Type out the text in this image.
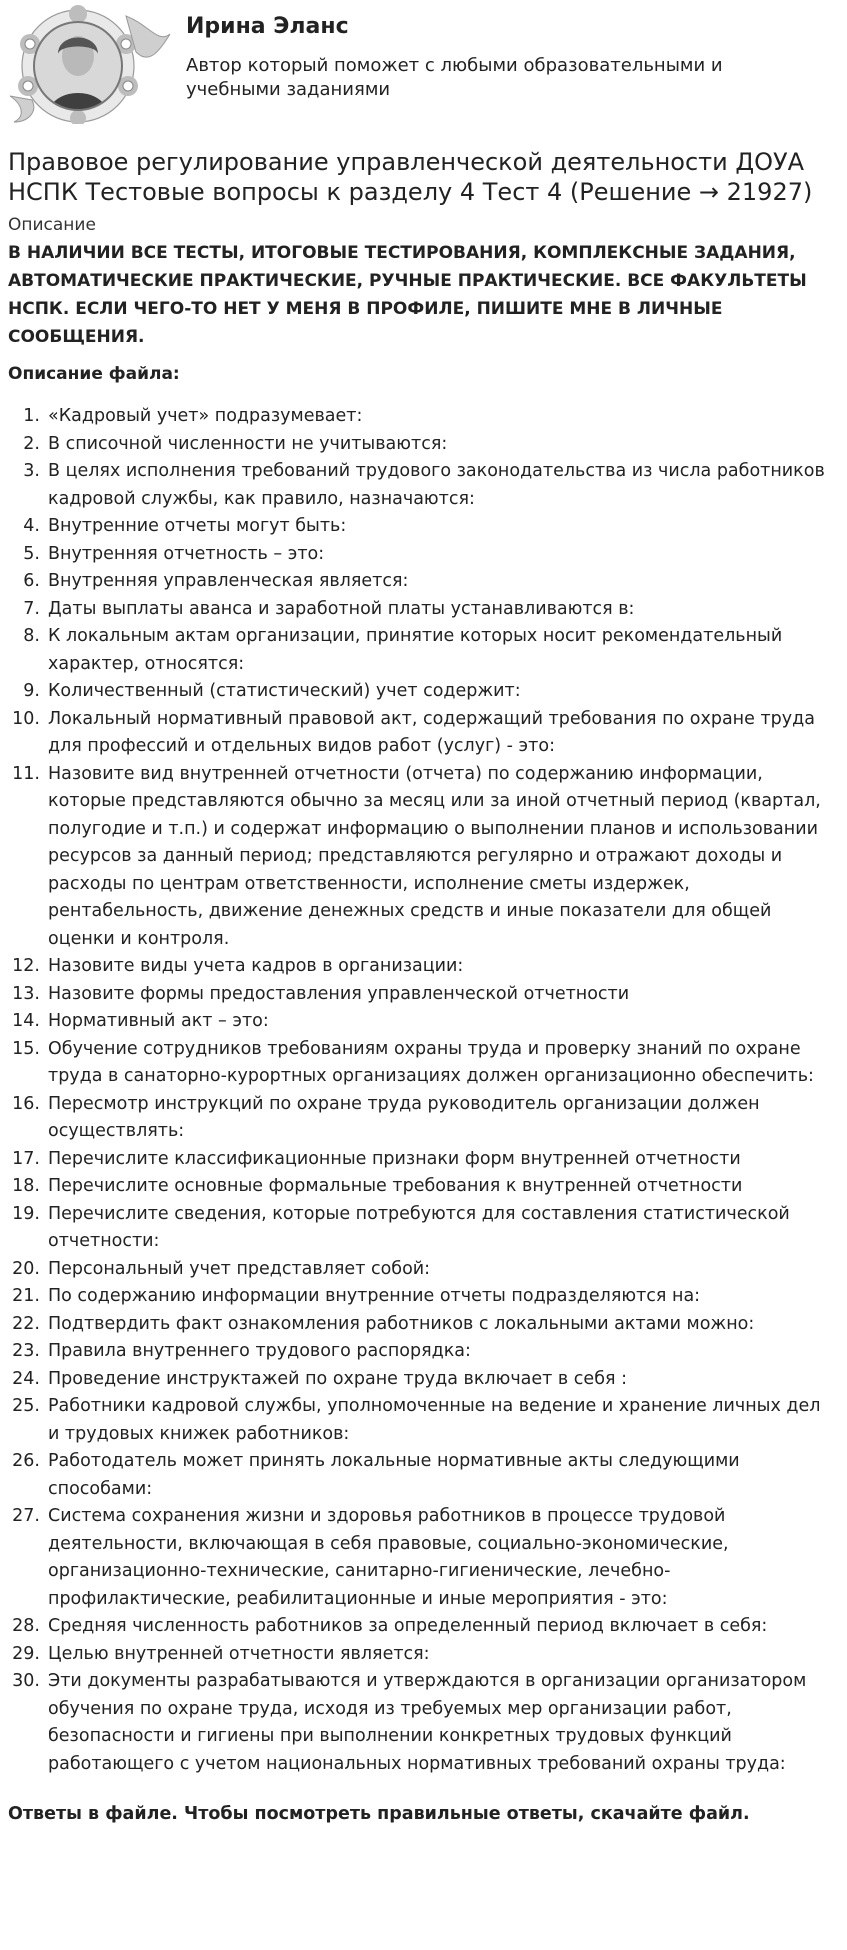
Ирина Эланс
Автор который поможет с любыми образовательными и учебными заданиями
Правовое регулирование управленческой деятельности ДОУА НСПК Тестовые вопросы к разделу 4 Тест 4 (Решение → 21927)
Описание
В НАЛИЧИИ ВСЕ ТЕСТЫ, ИТОГОВЫЕ ТЕСТИРОВАНИЯ, КОМПЛЕКСНЫЕ ЗАДАНИЯ, АВТОМАТИЧЕСКИЕ ПРАКТИЧЕСКИЕ, РУЧНЫЕ ПРАКТИЧЕСКИЕ. ВСЕ ФАКУЛЬТЕТЫ НСПК. ЕСЛИ ЧЕГО-ТО НЕТ У МЕНЯ В ПРОФИЛЕ, ПИШИТЕ МНЕ В ЛИЧНЫЕ СООБЩЕНИЯ.
Описание файла:
1. «Кадровый учет» подразумевает:
2. В списочной численности не учитываются:
3. В целях исполнения требований трудового законодательства из числа работников кадровой службы, как правило, назначаются:
4. Внутренние отчеты могут быть:
5. Внутренняя отчетность – это:
6. Внутренняя управленческая является:
7. Даты выплаты аванса и заработной платы устанавливаются в:
8. К локальным актам организации, принятие которых носит рекомендательный характер, относятся:
9. Количественный (статистический) учет содержит:
10. Локальный нормативный правовой акт, содержащий требования по охране труда для профессий и отдельных видов работ (услуг) - это:
11. Назовите вид внутренней отчетности (отчета) по содержанию информации, которые представляются обычно за месяц или за иной отчетный период (квартал, полугодие и т.п.) и содержат информацию о выполнении планов и использовании ресурсов за данный период; представляются регулярно и отражают доходы и расходы по центрам ответственности, исполнение сметы издержек, рентабельность, движение денежных средств и иные показатели для общей оценки и контроля.
12. Назовите виды учета кадров в организации:
13. Назовите формы предоставления управленческой отчетности
14. Нормативный акт – это:
15. Обучение сотрудников требованиям охраны труда и проверку знаний по охране труда в санаторно-курортных организациях должен организационно обеспечить:
16. Пересмотр инструкций по охране труда руководитель организации должен осуществлять:
17. Перечислите классификационные признаки форм внутренней отчетности
18. Перечислите основные формальные требования к внутренней отчетности
19. Перечислите сведения, которые потребуются для составления статистической отчетности:
20. Персональный учет представляет собой:
21. По содержанию информации внутренние отчеты подразделяются на:
22. Подтвердить факт ознакомления работников с локальными актами можно:
23. Правила внутреннего трудового распорядка:
24. Проведение инструктажей по охране труда включает в себя :
25. Работники кадровой службы, уполномоченные на ведение и хранение личных дел и трудовых книжек работников:
26. Работодатель может принять локальные нормативные акты следующими способами:
27. Система сохранения жизни и здоровья работников в процессе трудовой деятельности, включающая в себя правовые, социально-экономические, организационно-технические, санитарно-гигиенические, лечебно-профилактические, реабилитационные и иные мероприятия - это:
28. Средняя численность работников за определенный период включает в себя:
29. Целью внутренней отчетности является:
30. Эти документы разрабатываются и утверждаются в организации организатором обучения по охране труда, исходя из требуемых мер организации работ, безопасности и гигиены при выполнении конкретных трудовых функций работающего с учетом национальных нормативных требований охраны труда:
Ответы в файле. Чтобы посмотреть правильные ответы, скачайте файл.
